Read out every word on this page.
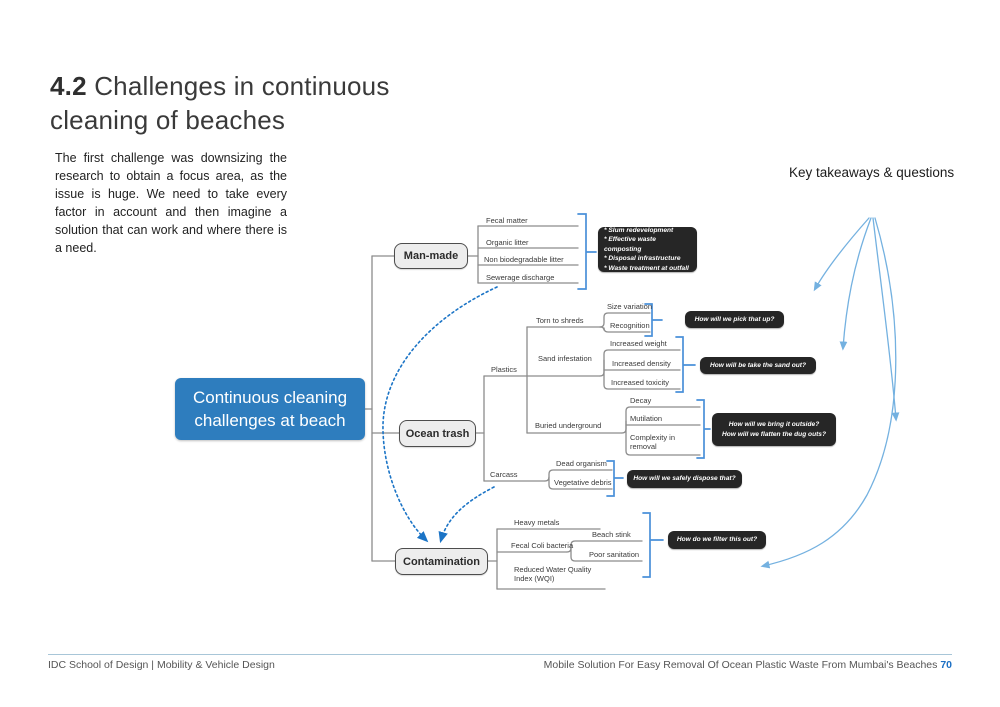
4.2 Challenges in continuous cleaning of beaches

The first challenge was downsizing the research to obtain a focus area, as the issue is huge. We need to take every factor in account and then imagine a solution that can work and where there is a need.

Key takeaways & questions
Continuous cleaning challenges at beach
Man-made
Ocean trash
Contamination
Fecal matter
Organic litter
Non biodegradable litter
Sewerage discharge
Plastics
Torn to shreds
Size variation
Recognition
Sand infestation
Increased weight
Increased density
Increased toxicity
Buried underground
Decay
Mutilation
Complexity in removal
Carcass
Dead organism
Vegetative debris
Heavy metals
Fecal Coli bacteria
Reduced Water Quality Index (WQI)
Beach stink
Poor sanitation
* Slum redevelopment
* Effective waste composting
* Disposal infrastructure
* Waste treatment at outfall
How will we pick that up?
How will be take the sand out?
How will we bring it outside?
How will we flatten the dug outs?
How will we safely dispose that?
How do we filter this out?
IDC School of Design | Mobility & Vehicle Design	Mobile Solution For Easy Removal Of Ocean Plastic Waste From Mumbai's Beaches 70
